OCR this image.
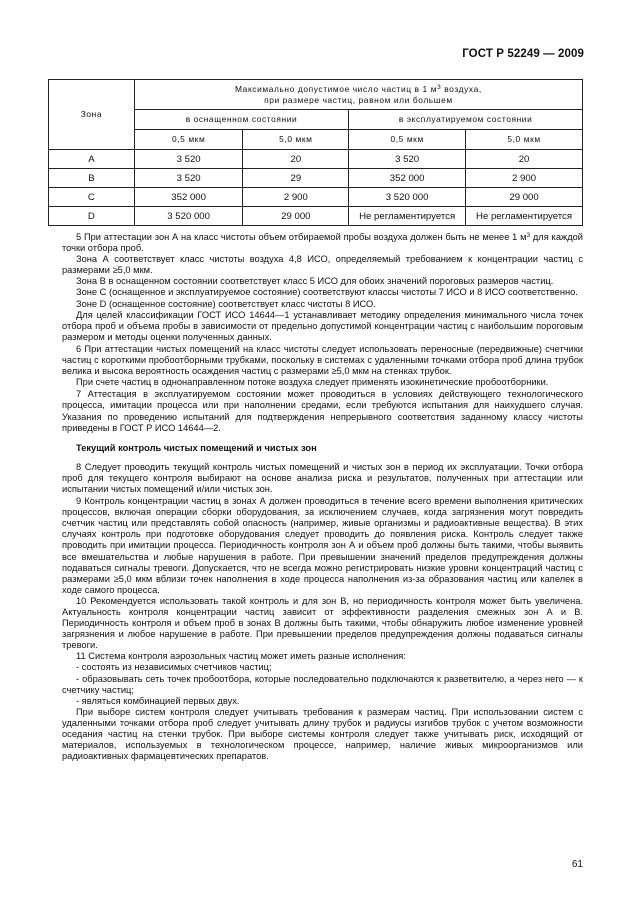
ГОСТ Р 52249 — 2009
Зона	Максимально допустимое число частиц в 1 $м^3$ воздуха,
при размере частиц, равном или большем			
	в оснащенном состоянии		в эксплуатируемом состоянии	
	0,5 мкм	5,0 мкм	0,5 мкм	5,0 мкм
A	3 520	20	3 520	20
B	3 520	29	352 000	2 900
C	352 000	2 900	3 520 000	29 000
D	3 520 000	29 000	Не регламентируется	Не регламентируется

5 При аттестации зон А на класс чистоты объем отбираемой пробы воздуха должен быть не менее 1 $м^3$ для каждой точки отбора проб.

Зона А соответствует класс чистоты воздуха 4,8 ИСО, определяемый требованием к концентрации частиц с размерами ≥5,0 мкм.

Зона В в оснащенном состоянии соответствует класс 5 ИСО для обоих значений пороговых размеров частиц.

Зоне С (оснащенное и эксплуатируемое состояние) соответствуют классы чистоты 7 ИСО и 8 ИСО соответственно.

Зоне D (оснащенное состояние) соответствует класс чистоты 8 ИСО.

Для целей классификации ГОСТ ИСО 14644—1 устанавливает методику определения минимального числа точек отбора проб и объема пробы в зависимости от предельно допустимой концентрации частиц с наибольшим пороговым размером и методы оценки полученных данных.

6 При аттестации чистых помещений на класс чистоты следует использовать переносные (передвижные) счетчики частиц с короткими пробоотборными трубками, поскольку в системах с удаленными точками отбора проб длина трубок велика и высока вероятность осаждения частиц с размерами ≥5,0 мкм на стенках трубок.

При счете частиц в однонаправленном потоке воздуха следует применять изокинетические пробоотборники.

7 Аттестация в эксплуатируемом состоянии может проводиться в условиях действующего технологического процесса, имитации процесса или при наполнении средами, если требуются испытания для наихудшего случая. Указания по проведению испытаний для подтверждения непрерывного соответствия заданному классу чистоты приведены в ГОСТ Р ИСО 14644—2.

Текущий контроль чистых помещений и чистых зон

8 Следует проводить текущий контроль чистых помещений и чистых зон в период их эксплуатации. Точки отбора проб для текущего контроля выбирают на основе анализа риска и результатов, полученных при аттестации или испытании чистых помещений и/или чистых зон.

9 Контроль концентрации частиц в зонах А должен проводиться в течение всего времени выполнения критических процессов, включая операции сборки оборудования, за исключением случаев, когда загрязнения могут повредить счетчик частиц или представлять собой опасность (например, живые организмы и радиоактивные вещества). В этих случаях контроль при подготовке оборудования следует проводить до появления риска. Контроль следует также проводить при имитации процесса. Периодичность контроля зон А и объем проб должны быть такими, чтобы выявить все вмешательства и любые нарушения в работе. При превышении значений пределов предупреждения должны подаваться сигналы тревоги. Допускается, что не всегда можно регистрировать низкие уровни концентраций частиц с размерами ≥5,0 мкм вблизи точек наполнения в ходе процесса наполнения из-за образования частиц или капелек в ходе самого процесса.

10 Рекомендуется использовать такой контроль и для зон В, но периодичность контроля может быть увеличена. Актуальность контроля концентрации частиц зависит от эффективности разделения смежных зон А и В. Периодичность контроля и объем проб в зонах В должны быть такими, чтобы обнаружить любое изменение уровней загрязнения и любое нарушение в работе. При превышении пределов предупреждения должны подаваться сигналы тревоги.

11 Система контроля аэрозольных частиц может иметь разные исполнения:

- состоять из независимых счетчиков частиц;

- образовывать сеть точек пробоотбора, которые последовательно подключаются к разветвителю, а через него — к счетчику частиц;

- являться комбинацией первых двух.

При выборе систем контроля следует учитывать требования к размерам частиц. При использовании систем с удаленными точками отбора проб следует учитывать длину трубок и радиусы изгибов трубок с учетом возможности оседания частиц на стенки трубок. При выборе системы контроля следует также учитывать риск, исходящий от материалов, используемых в технологическом процессе, например, наличие живых микроорганизмов или радиоактивных фармацевтических препаратов.

61
